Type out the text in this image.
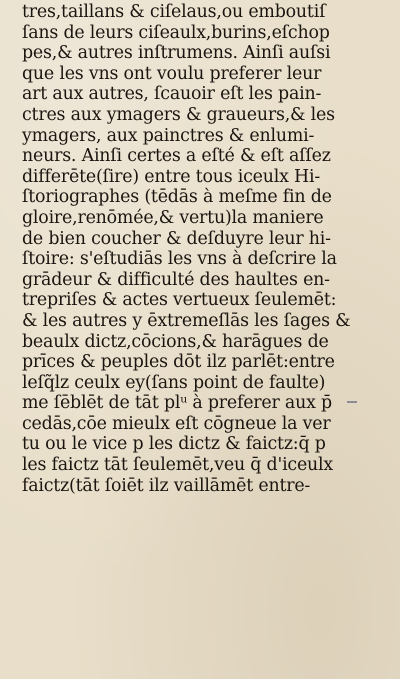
tres,taillans & ciſelaus,ou emboutiſ
ſans de leurs ciſeaulx,burins,eſchop
pes,& autres inſtrumens. Ainſi auſsi
que les vns ont voulu preferer leur
art aux autres, ſcauoir eſt les pain-
ctres aux ymagers & graueurs,& les
ymagers, aux painctres & enlumi-
neurs. Ainſi certes a eſté & eſt aſſez
differēte(ſire) entre tous iceulx Hi-
ſtoriographes (tēdās à meſme fin de
gloire,renōmée,& vertu)la maniere
de bien coucher & deſduyre leur hi-
ſtoire: s'eſtudiās les vns à deſcrire la
grādeur & difficulté des haultes en-
trepriſes & actes vertueux ſeulemēt:
& les autres y ēxtremeſlās les ſages &
beaulx dictz,cōcions,& harāgues de
prīces & peuples dōt ilz parlēt:entre
leſq̃lz ceulx ey(ſans point de faulte)
me ſēblēt de tāt plᵘ à preferer aux p̄
cedās,cōe mieulx eſt cōgneue la ver
tu ou le vice p les dictz & faictz:q̄ p
les faictz tāt ſeulemēt,veu q̄ d'iceulx
faictz(tāt ſoiēt ilz vaillāmēt entre-
